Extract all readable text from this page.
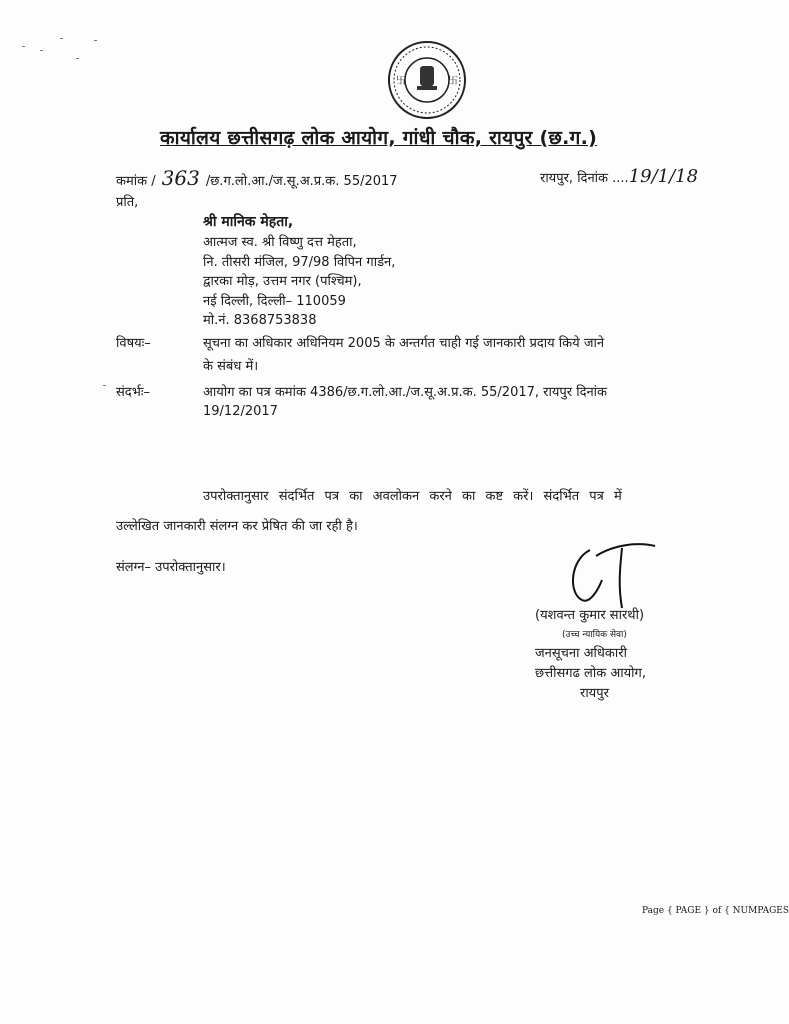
卐	卐
कार्यालय छत्तीसगढ़ लोक आयोग, गांधी चौक, रायपुर (छ.ग.)
कमांक / 363 /छ.ग.लो.आ./ज.सू.अ.प्र.क. 55/2017	रायपुर, दिनांक ....19/1/18
प्रति,
श्री मानिक मेहता,
आत्मज स्व. श्री विष्णु दत्त मेहता,
नि. तीसरी मंजिल, 97/98 विपिन गार्डन,
द्वारका मोड़, उत्तम नगर (पश्चिम),
नई दिल्ली, दिल्ली– 110059
मो.नं. 8368753838
विषयः–	सूचना का अधिकार अधिनियम 2005 के अन्तर्गत चाही गई जानकारी प्रदाय किये जाने
के संबंध में।
संदर्भः–	आयोग का पत्र कमांक 4386/छ.ग.लो.आ./ज.सू.अ.प्र.क. 55/2017, रायपुर दिनांक
19/12/2017
उपरोक्तानुसार संदर्भित पत्र का अवलोकन करने का कष्ट करें। संदर्भित पत्र में
उल्लेखित जानकारी संलग्न कर प्रेषित की जा रही है।
संलग्न– उपरोक्तानुसार।
(यशवन्त कुमार सारथी)
(उच्च न्यायिक सेवा)
जनसूचना अधिकारी
छत्तीसगढ लोक आयोग,
रायपुर
Page { PAGE } of { NUMPAGES
